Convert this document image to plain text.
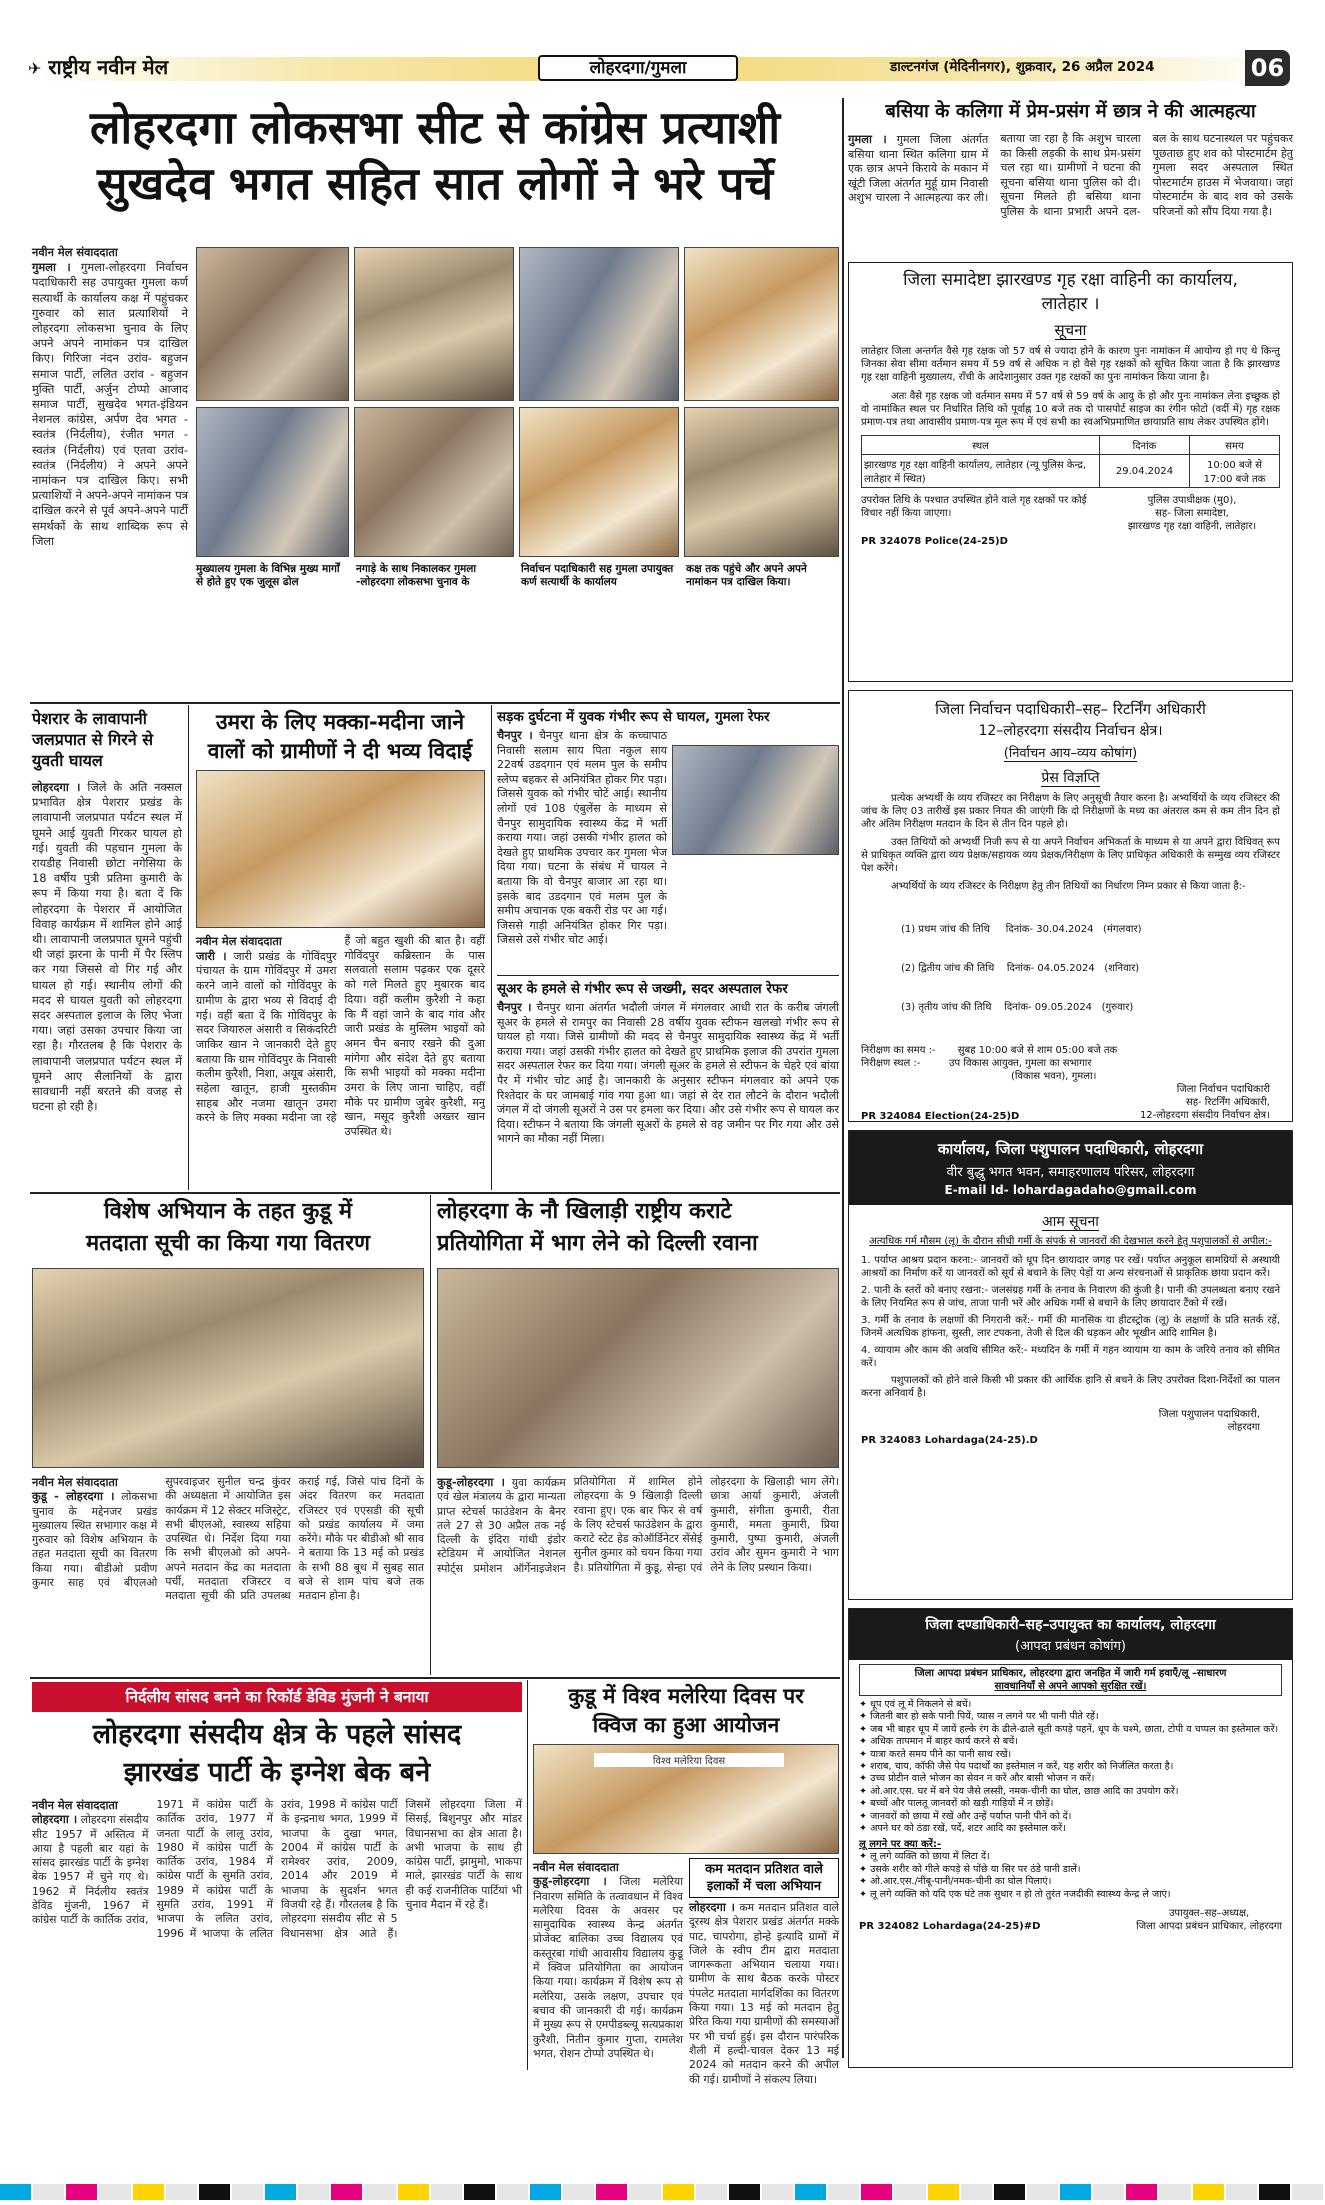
✈ राष्ट्रीय नवीन मेल	लोहरदगा/गुमला	डाल्टनगंज (मेदिनीनगर), शुक्रवार, 26 अप्रैल 2024	06
लोहरदगा लोकसभा सीट से कांग्रेस प्रत्याशी
सुखदेव भगत सहित सात लोगों ने भरे पर्चे
नवीन मेल संवाददाता
गुमला । गुमला-लोहरदगा निर्वाचन पदाधिकारी सह उपायुक्त गुमला कर्ण सत्यार्थी के कार्यालय कक्ष में पहुंचकर गुरुवार को सात प्रत्याशियों ने लोहरदगा लोकसभा चुनाव के लिए अपने अपने नामांकन पत्र दाखिल किए। गिरिजा नंदन उरांव- बहुजन समाज पार्टी, ललित उरांव - बहुजन मुक्ति पार्टी, अर्जुन टोप्पो आजाद समाज पार्टी, सुखदेव भगत-इंडियन नेशनल कांग्रेस, अर्पण देव भगत - स्वतंत्र (निर्दलीय), रंजीत भगत - स्वतंत्र (निर्दलीय) एवं एतवा उरांव-स्वतंत्र (निर्दलीय) ने अपने अपने नामांकन पत्र दाखिल किए। सभी प्रत्याशियों ने अपने-अपने नामांकन पत्र दाखिल करने से पूर्व अपने-अपने पार्टी समर्थकों के साथ शाब्दिक रूप से जिला
मुख्यालय गुमला के विभिन्न मुख्य मार्गों से होते हुए एक जुलूस ढोल
नगाड़े के साथ निकालकर गुमला -लोहरदगा लोकसभा चुनाव के
निर्वाचन पदाधिकारी सह गुमला उपायुक्त कर्ण सत्यार्थी के कार्यालय
कक्ष तक पहुंचे और अपने अपने नामांकन पत्र दाखिल किया।
बसिया के कलिगा में प्रेम-प्रसंग में छात्र ने की आत्महत्या
गुमला । गुमला जिला अंतर्गत बसिया थाना स्थित कलिगा ग्राम में एक छात्र अपने किराये के मकान में खूंटी जिला अंतर्गत मुर्हू ग्राम निवासी अशुभ चारला ने आत्महत्या कर ली। बताया जा रहा है कि अशुभ चारला का किसी लड़की के साथ प्रेम-प्रसंग चल रहा था। ग्रामीणों ने घटना की सूचना बसिया थाना पुलिस को दी। सूचना मिलते ही बसिया थाना पुलिस के थाना प्रभारी अपने दल-बल के साथ घटनास्थल पर पहुंचकर पूछताछ हुए शव को पोस्टमार्टम हेतु गुमला सदर अस्पताल स्थित पोस्टमार्टम हाउस में भेजवाया। जहां पोस्टमार्टम के बाद शव को उसके परिजनों को सौंप दिया गया है।
जिला समादेष्टा झारखण्ड गृह रक्षा वाहिनी का कार्यालय,
लातेहार ।
सूचना
लातेहार जिला अन्तर्गत वैसे गृह रक्षक जो 57 वर्ष से ज्यादा होने के कारण पुनः नामांकन में आयोग्य हो गए थे किन्तु जिनका सेवा सीमा वर्तमान समय में 59 वर्ष से अधिक न हो वैसे गृह रक्षकों को सूचित किया जाता है कि झारखण्ड गृह रक्षा वाहिनी मुख्यालय, राँची के आदेशानुसार उक्त गृह रक्षकों का पुनः नामांकन किया जाना है।
अतः वैसे गृह रक्षक जो वर्तमान समय में 57 वर्ष से 59 वर्ष के आयु के हो और पुनः नामांकन लेना इच्छुक हो वो नामांकित स्थल पर निर्धारित तिथि को पूर्वाह्न 10 बजे तक दो पासपोर्ट साइज का रंगीन फोटो (वर्दी में) गृह रक्षक प्रमाण-पत्र तथा आवासीय प्रमाण-पत्र मूल रूप में एवं सभी का स्वअभिप्रमाणित छायाप्रति साथ लेकर उपस्थित होंगे।
स्थल	दिनांक	समय
झारखण्ड गृह रक्षा वाहिनी कार्यालय, लातेहार (न्यू पुलिस केन्द्र, लातेहार में स्थित)	29.04.2024	10:00 बजे से 17:00 बजे तक
उपरोक्त तिथि के पश्चात उपस्थित होने वाले गृह रक्षकों पर कोई विचार नहीं किया जाएगा।
पुलिस उपाधीक्षक (मु0),
सह- जिला समादेष्टा,
झारखण्ड गृह रक्षा वाहिनी, लातेहार।
PR 324078 Police(24-25)D
जिला निर्वाचन पदाधिकारी–सह– रिटर्निंग अधिकारी
12–लोहरदगा संसदीय निर्वाचन क्षेत्र।
(निर्वाचन आय–व्यय कोषांग)
प्रेस विज्ञप्ति
प्रत्येक अभ्यर्थी के व्यय रजिस्टर का निरीक्षण के लिए अनुसूची तैयार करना है। अभ्यर्थियों के व्यय रजिस्टर की जांच के लिए 03 तारीखें इस प्रकार नियत की जाएंगी कि दो निरीक्षणों के मध्य का अंतराल कम से कम तीन दिन हो और अंतिम निरीक्षण मतदान के दिन से तीन दिन पहले हो।
उक्त तिथियों को अभ्यर्थी निजी रूप से या अपने निर्वाचन अभिकर्ता के माध्यम से या अपने द्वारा विधिवत् रूप से प्राधिकृत व्यक्ति द्वारा व्यय प्रेक्षक/सहायक व्यय प्रेक्षक/निरीक्षण के लिए प्राधिकृत अधिकारी के सम्मुख व्यय रजिस्टर पेश करेंगे।
अभ्यर्थियों के व्यय रजिस्टर के निरीक्षण हेतु तीन तिथियों का निर्धारण निम्न प्रकार से किया जाता है:-

(1) प्रथम जांच की तिथि     दिनांक- 30.04.2024   (मंगलवार)

(2) द्वितीय जांच की तिथि    दिनांक- 04.05.2024   (शनिवार)

(3) तृतीय जांच की तिथि    दिनांक- 09.05.2024   (गुरुवार)

निरीक्षण का समय :-       सुबह 10:00 बजे से शाम 05:00 बजे तक
निरीक्षण स्थल :-         उप विकास आयुक्त, गुमला का सभागार
(विकास भवन), गुमला।
जिला निर्वाचन पदाधिकारी
सह- रिटर्निंग अधिकारी,
12-लोहरदगा संसदीय निर्वाचन क्षेत्र।
PR 324084 Election(24-25)D
कार्यालय, जिला पशुपालन पदाधिकारी, लोहरदगा
वीर बुद्धु भगत भवन, समाहरणालय परिसर, लोहरदगा
E-mail Id- lohardagadaho@gmail.com
आम सूचना
अत्यधिक गर्म मौसम (लू) के दौरान सीधी गर्मी के संपर्क से जानवरों की देखभाल करने हेतु पशुपालकों से अपील:-
1. पर्याप्त आश्रय प्रदान करना:- जानवरों को धूप दिन छायादार जगह पर रखें। पर्याप्त अनुकूल सामग्रियों से अस्थायी आश्रयों का निर्माण करें या जानवरों को सूर्य से बचाने के लिए पेड़ों या अन्य संरचनाओं से प्राकृतिक छाया प्रदान करें।
2. पानी के स्तरों को बनाए रखना:- जलसंग्रह गर्मी के तनाव के निवारण की कुंजी है। पानी की उपलब्धता बनाए रखने के लिए नियमित रूप से जांच, ताजा पानी भरें और अधिक गर्मी से बचाने के लिए छायादार टैंको में रखें।
3. गर्मी के तनाव के लक्षणों की निगरानी करें:- गर्मी की मानसिक या हीटस्ट्रोक (लू) के लक्षणों के प्रति सतर्क रहें, जिनमें अत्यधिक हांफना, सुस्ती, लार टपकना, तेजी से दिल की धड़कन और भूखीन आदि शामिल है।
4. व्यायाम और काम की अवधि सीमित करें:- मध्यदिन के गर्मी में गहन व्यायाम या काम के जरिये तनाव को सीमित करें।
पशुपालकों को होने वाले किसी भी प्रकार की आर्थिक हानि से बचने के लिए उपरोक्त दिशा-निर्देशों का पालन करना अनिवार्य है।
जिला पशुपालन पदाधिकारी,
लोहरदगा
PR 324083 Lohardaga(24-25).D
जिला दण्डाधिकारी–सह–उपायुक्त का कार्यालय, लोहरदगा
(आपदा प्रबंधन कोषांग)
जिला आपदा प्रबंधन प्राधिकार, लोहरदगा द्वारा जनहित में जारी गर्म हवाएँ/लू –साधारण
सावधानियाँ से अपने आपको सुरक्षित रखें।
✦ धूप एवं लू में निकलने से बचें।
✦ जितनी बार हो सके पानी पियें, प्यास न लगने पर भी पानी पीते रहें।
✦ जब भी बाहर धूप में जायें हल्के रंग के ढीले-ढाले सूती कपड़े पहनें, धूप के चश्मे, छाता, टोपी व चप्पल का इस्तेमाल करें।
✦ अधिक तापमान में बाहर कार्य करने से बचें।
✦ यात्रा करते समय पीने का पानी साथ रखें।
✦ शराब, चाय, कॉफी जैसे पेय पदार्थों का इस्तेमाल न करें, यह शरीर को निर्जलित करता है।
✦ उच्च प्रोटीन वाले भोजन का सेवन न करें और बासी भोजन न करें।
✦ ओ.आर.एस. घर में बने पेय जैसे लस्सी, नमक-चीनी का घोल, छाछ आदि का उपयोग करें।
✦ बच्चों और पालतू जानवरों को खड़ी गाड़ियों में न छोड़ें।
✦ जानवरों को छाया में रखें और उन्हें पर्याप्त पानी पीने को दें।
✦ अपने घर को ठंडा रखें, पर्दे, शटर आदि का इस्तेमाल करें।
लू लगने पर क्या करें:-
✦ लू लगे व्यक्ति को छाया में लिटा दें।
✦ उसके शरीर को गीले कपड़े से पोंछे या सिर पर ठंडे पानी डालें।
✦ ओ.आर.एस./नींबू-पानी/नमक-चीनी का घोल पिलाएं।
✦ लू लगे व्यक्ति को यदि एक घंटे तक सुधार न हो तो तुरंत नजदीकी स्वास्थ्य केन्द्र ले जाएं।
PR 324082 Lohardaga(24-25)#D
उपायुक्त–सह–अध्यक्ष,
जिला आपदा प्रबंधन प्राधिकार, लोहरदगा
पेशरार के लावापानी जलप्रपात से गिरने से युवती घायल
लोहरदगा । जिले के अति नक्सल प्रभावित क्षेत्र पेशरार प्रखंड के लावापानी जलप्रपात पर्यटन स्थल में घूमने आई युवती गिरकर घायल हो गई। युवती की पहचान गुमला के रायडीह निवासी छोटा नगेसिया के 18 वर्षीय पुत्री प्रतिमा कुमारी के रूप में किया गया है। बता दें कि लोहरदगा के पेशरार में आयोजित विवाह कार्यक्रम में शामिल होने आई थी। लावापानी जलप्रपात घूमने पहुंची थी जहां झरना के पानी में पैर स्लिप कर गया जिससे वो गिर गई और घायल हो गई। स्थानीय लोगों की मदद से घायल युवती को लोहरदगा सदर अस्पताल इलाज के लिए भेजा गया। जहां उसका उपचार किया जा रहा है। गौरतलब है कि पेशरार के लावापानी जलप्रपात पर्यटन स्थल में घूमने आए सैलानियों के द्वारा सावधानी नहीं बरतने की वजह से घटना हो रही है।
उमरा के लिए मक्का-मदीना जाने वालों को ग्रामीणों ने दी भव्य विदाई
नवीन मेल संवाददाता
जारी । जारी प्रखंड के गोविंदपुर पंचायत के ग्राम गोविंदपुर में उमरा करने जाने वालों को गोविंदपुर के ग्रामीण के द्वारा भव्य से विदाई दी गई। वहीं बता दें कि गोविंदपुर के सदर जियारुल अंसारी व सिकंदरिटी जाकिर खान ने जानकारी देते हुए बताया कि ग्राम गोविंदपुर के निवासी कलीम कुरैशी, निशा, अयूब अंसारी, सहेला खातून, हाजी मुस्तकीम साहब और नजमा खातून उमरा करने के लिए मक्का मदीना जा रहे हैं जो बहुत खुशी की बात है। वहीं गोविंदपुर कब्रिस्तान के पास सलवातो सलाम पढ़कर एक दूसरे को गले मिलते हुए मुबारक बाद दिया। वहीं कलीम कुरैशी ने कहा कि मैं वहां जाने के बाद गांव और जारी प्रखंड के मुस्लिम भाइयों को अमन चैन बनाए रखने की दुआ मांगेगा और संदेश देते हुए बताया कि सभी भाइयों को मक्का मदीना उमरा के लिए जाना चाहिए, वहीं मौके पर ग्रामीण जुबेर कुरैशी, मनु खान, मसूद कुरैशी अख्तर खान उपस्थित थे।
सड़क दुर्घटना में युवक गंभीर रूप से घायल, गुमला रेफर
चैनपुर । चैनपुर थाना क्षेत्र के कच्चापाठ निवासी सलाम साय पिता नकुल साय 22वर्ष उडदगान एवं मलम पुल के समीप स्लेप्प बहकर से अनियंत्रित होकर गिर पड़ा। जिससे युवक को गंभीर चोटें आई। स्थानीय लोगों एवं 108 एंबुलेंस के माध्यम से चैनपुर सामुदायिक स्वास्थ्य केंद्र में भर्ती कराया गया। जहां उसकी गंभीर हालत को देखते हुए प्राथमिक उपचार कर गुमला भेज दिया गया। घटना के संबंध में घायल ने बताया कि वो चैनपुर बाजार आ रहा था। इसके बाद उडदगान एवं मलम पुल के समीप अचानक एक बकरी रोड पर आ गई। जिससे गाड़ी अनियंत्रित होकर गिर पड़ा। जिससे उसे गंभीर चोट आई।
सूअर के हमले से गंभीर रूप से जख्मी, सदर अस्पताल रेफर
चैनपुर । चैनपुर थाना अंतर्गत भदौली जंगल में मंगलवार आधी रात के करीब जंगली सूअर के हमले से रामपुर का निवासी 28 वर्षीय युवक स्टीफन खलखो गंभीर रूप से घायल हो गया। जिसे ग्रामीणों की मदद से चैनपुर सामुदायिक स्वास्थ्य केंद्र में भर्ती कराया गया। जहां उसकी गंभीर हालत को देखते हुए प्राथमिक इलाज की उपरांत गुमला सदर अस्पताल रेफर कर दिया गया। जंगली सूअर के हमले से स्टीफन के चेहरे एवं बांया पैर में गंभीर चोट आई है। जानकारी के अनुसार स्टीफन मंगलवार को अपने एक रिश्तेदार के घर जामबाई गांव गया हुआ था। जहां से देर रात लौटने के दौरान भदौली जंगल में दो जंगली सूअरों ने उस पर हमला कर दिया। और उसे गंभीर रूप से घायल कर दिया। स्टीफन ने बताया कि जंगली सूअरों के हमले से वह जमीन पर गिर गया और उसे भागने का मौका नहीं मिला।
विशेष अभियान के तहत कुडू में
मतदाता सूची का किया गया वितरण
नवीन मेल संवाददाता
कुडू - लोहरदगा । लोकसभा चुनाव के मद्देनजर प्रखंड मुख्यालय स्थित सभागार कक्ष में गुरुवार को विशेष अभियान के तहत मतदाता सूची का वितरण किया गया। बीडीओ प्रवीण कुमार साह एवं बीएलओ सुपरवाइजर सुनील चन्द्र कुंवर की अध्यक्षता में आयोजित इस कार्यक्रम में 12 सेक्टर मजिस्ट्रेट, सभी बीएलओ, स्वास्थ्य सहिया उपस्थित थे। निर्देश दिया गया कि सभी बीएलओ को अपने-अपने मतदान केंद्र का मतदाता पर्ची, मतदाता रजिस्टर व मतदाता सूची की प्रति उपलब्ध कराई गई, जिसे पांच दिनों के अंदर वितरण कर मतदाता रजिस्टर एवं एएसडी की सूची को प्रखंड कार्यालय में जमा करेंगे। मौके पर बीडीओ श्री साव ने बताया कि 13 मई को प्रखंड के सभी 88 बूथ में सुबह सात बजे से शाम पांच बजे तक मतदान होना है।
लोहरदगा के नौ खिलाड़ी राष्ट्रीय कराटे
प्रतियोगिता में भाग लेने को दिल्ली रवाना
कुडू-लोहरदगा । युवा कार्यक्रम एवं खेल मंत्रालय के द्वारा मान्यता प्राप्त स्टेचर्स फाउंडेशन के बैनर तले 27 से 30 अप्रैल तक नई दिल्ली के इंदिरा गांधी इंडोर स्टेडियम में आयोजित नेशनल स्पोर्ट्स प्रमोशन ऑर्गेनाइजेशन प्रतियोगिता में शामिल होने लोहरदगा के 9 खिलाड़ी दिल्ली रवाना हुए। एक बार फिर से वर्ष के लिए स्टेचर्स फाउंडेशन के द्वारा कराटे स्टेट हेड कोऑर्डिनेटर सेंसेई सुनील कुमार को चयन किया गया है। प्रतियोगिता में कुडू, सेन्हा एवं लोहरदगा के खिलाड़ी भाग लेंगे। छात्रा आर्या कुमारी, अंजली कुमारी, संगीता कुमारी, रीता कुमारी, ममता कुमारी, प्रिया कुमारी, पुष्पा कुमारी, अंजली उरांव और सुमन कुमारी ने भाग लेने के लिए प्रस्थान किया।
निर्दलीय सांसद बनने का रिकॉर्ड डेविड मुंजनी ने बनाया
लोहरदगा संसदीय क्षेत्र के पहले सांसद
झारखंड पार्टी के इग्नेश बेक बने
नवीन मेल संवाददाता
लोहरदगा । लोहरदगा संसदीय सीट 1957 में अस्तित्व में आया है पहली बार यहां के सांसद झारखंड पार्टी के इग्नेश बेक 1957 में चुने गए थे। 1962 में निर्दलीय स्वतंत्र डेविड मुंजनी, 1967 में कांग्रेस पार्टी के कार्तिक उरांव, 1971 में कांग्रेस पार्टी के कार्तिक उरांव, 1977 में जनता पार्टी के लालू उरांव, 1980 में कांग्रेस पार्टी के कार्तिक उरांव, 1984 में कांग्रेस पार्टी के सुमति उरांव, 1989 में कांग्रेस पार्टी के सुमति उरांव, 1991 में भाजपा के ललित उरांव, 1996 में भाजपा के ललित उरांव, 1998 में कांग्रेस पार्टी के इन्द्रनाथ भगत, 1999 में भाजपा के दुखा भगत, 2004 में कांग्रेस पार्टी के रामेश्वर उरांव, 2009, 2014 और 2019 में भाजपा के सुदर्शन भगत विजयी रहे हैं। गौरतलब है कि लोहरदगा संसदीय सीट से 5 विधानसभा क्षेत्र आते हैं। जिसमें लोहरदगा जिला में सिसई, बिशुनपुर और मांडर विधानसभा का क्षेत्र आता है। अभी भाजपा के साथ ही कांग्रेस पार्टी, झामुमो, भाकपा माले, झारखंड पार्टी के साथ ही कई राजनीतिक पार्टियां भी चुनाव मैदान में रहे हैं।
कुडू में विश्व मलेरिया दिवस पर
क्विज का हुआ आयोजन
विश्व मलेरिया दिवस
नवीन मेल संवाददाता
कुडू-लोहरदगा । जिला मलेरिया निवारण समिति के तत्वावधान में विश्व मलेरिया दिवस के अवसर पर सामुदायिक स्वास्थ्य केन्द्र अंतर्गत प्रोजेक्ट बालिका उच्च विद्यालय एवं कस्तूरबा गांधी आवासीय विद्यालय कुडू में क्विज प्रतियोगिता का आयोजन किया गया। कार्यक्रम में विशेष रूप से मलेरिया, उसके लक्षण, उपचार एवं बचाव की जानकारी दी गई। कार्यक्रम में मुख्य रूप से एमपीडब्ल्यू सत्यप्रकाश कुरैशी, नितीन कुमार गुप्ता, रामलेश भगत, रोशन टोप्पो उपस्थित थे।
कम मतदान प्रतिशत वाले इलाकों में चला अभियान
लोहरदगा । कम मतदान प्रतिशत वाले दूरस्थ क्षेत्र पेशरार प्रखंड अंतर्गत मक्के पाट, चापरोगा, होन्हे इत्यादि ग्रामों में जिले के स्वीप टीम द्वारा मतदाता जागरूकता अभियान चलाया गया। ग्रामीण के साथ बैठक करके पोस्टर पंपलेट मतदाता मार्गदर्शिका का वितरण किया गया। 13 मई को मतदान हेतु प्रेरित किया गया ग्रामीणों की समस्याओं पर भी चर्चा हुई। इस दौरान पारंपरिक शैली में हल्दी-चावल देकर 13 मई 2024 को मतदान करने की अपील की गई। ग्रामीणों ने संकल्प लिया।
